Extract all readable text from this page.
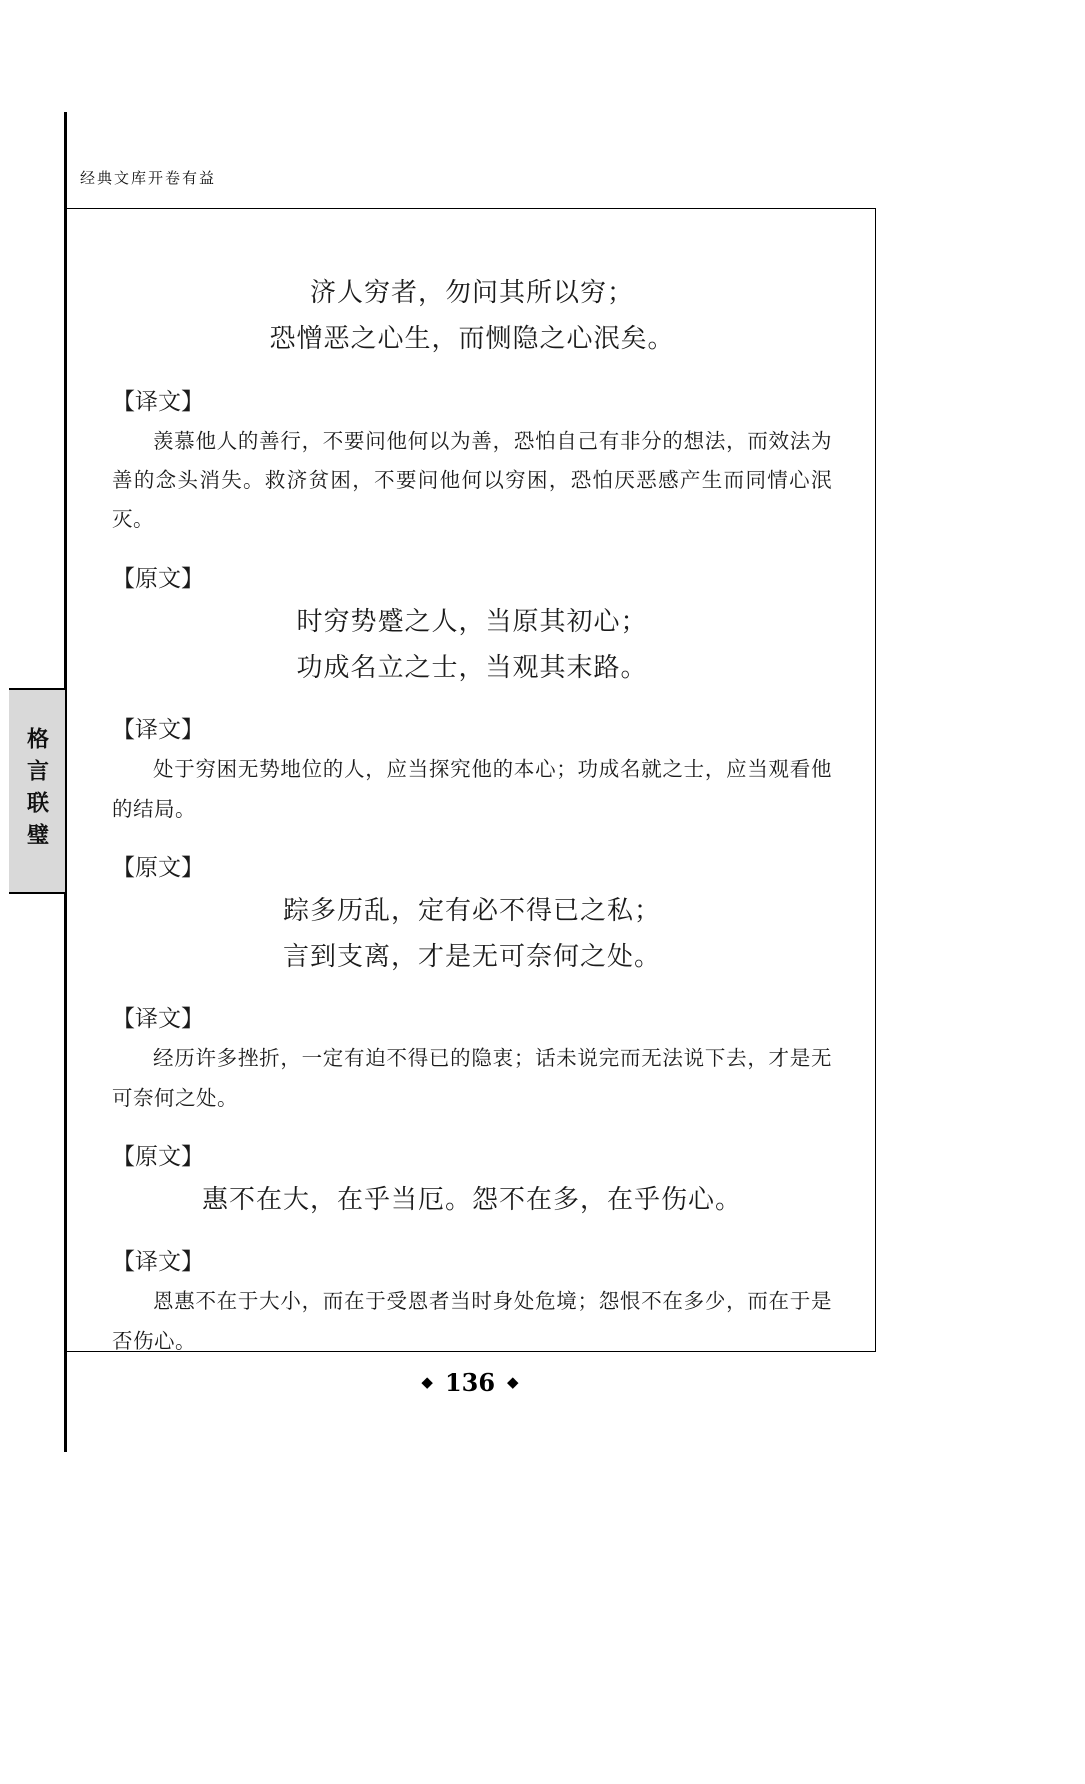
经典文库开卷有益
格言联璧
济人穷者，勿问其所以穷；
恐憎恶之心生，而恻隐之心泯矣。
【译文】

羡慕他人的善行，不要问他何以为善，恐怕自己有非分的想法，而效法为善的念头消失。救济贫困，不要问他何以穷困，恐怕厌恶感产生而同情心泯灭。

【原文】
时穷势蹙之人，当原其初心；
功成名立之士，当观其末路。
【译文】

处于穷困无势地位的人，应当探究他的本心；功成名就之士，应当观看他的结局。

【原文】
踪多历乱，定有必不得已之私；
言到支离，才是无可奈何之处。
【译文】

经历许多挫折，一定有迫不得已的隐衷；话未说完而无法说下去，才是无可奈何之处。

【原文】
惠不在大，在乎当厄。怨不在多，在乎伤心。
【译文】

恩惠不在于大小，而在于受恩者当时身处危境；怨恨不在多少，而在于是否伤心。

◆ 136 ◆
